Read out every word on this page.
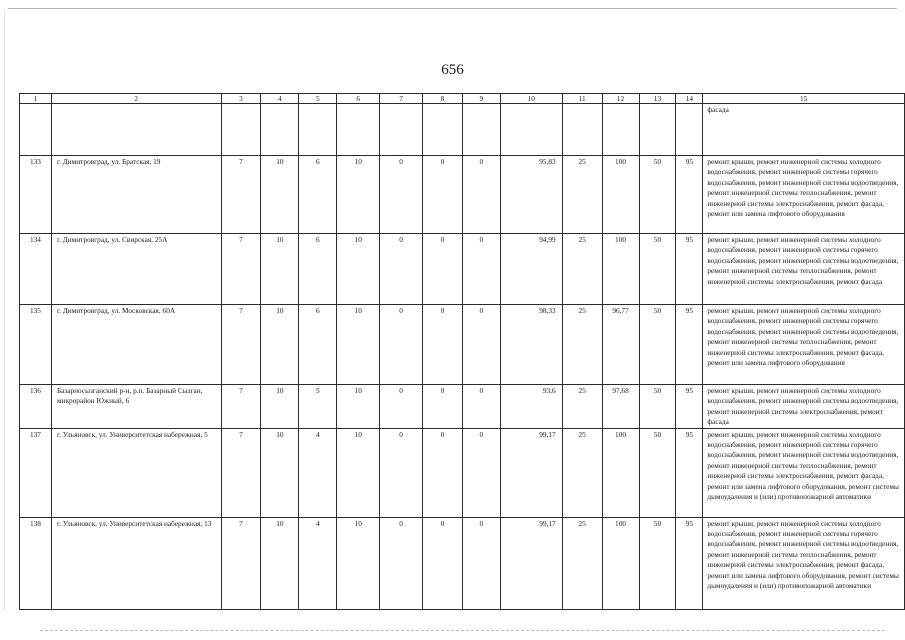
656
1	2	3	4	5	6	7	8	9	10	11	12	13	14	15
														фасада
133	г. Димитровград, ул. Братская, 19	7	10	6	10	0	0	0	95,83	25	100	50	95	ремонт крыши, ремонт инженерной системы холодного водоснабжения, ремонт инженерной системы горячего водоснабжения, ремонт инженерной системы водоотведения, ремонт инженерной системы теплоснабжения, ремонт инженерной системы электроснабжения, ремонт фасада, ремонт или замена лифтового оборудования
134	г. Димитровград, ул. Свирская, 25А	7	10	6	10	0	0	0	94,99	25	100	50	95	ремонт крыши, ремонт инженерной системы холодного водоснабжения, ремонт инженерной системы горячего водоснабжения, ремонт инженерной системы водоотведения, ремонт инженерной системы теплоснабжения, ремонт инженерной системы электроснабжения, ремонт фасада
135	г. Димитровград, ул. Московская, 60А	7	10	6	10	0	0	0	98,33	25	96,77	50	95	ремонт крыши, ремонт инженерной системы холодного водоснабжения, ремонт инженерной системы горячего водоснабжения, ремонт инженерной системы водоотведения, ремонт инженерной системы теплоснабжения, ремонт инженерной системы электроснабжения, ремонт фасада, ремонт или замена лифтового оборудования
136	Базарносызганский р-н, р.п. Базарный Сызган, микрорайон Южный, 6	7	10	5	10	0	0	0	93,6	25	97,68	50	95	ремонт крыши, ремонт инженерной системы холодного водоснабжения, ремонт инженерной системы водоотведения, ремонт инженерной системы электроснабжения, ремонт фасада
137	г. Ульяновск, ул. Университетская набережная, 5	7	10	4	10	0	0	0	99,17	25	100	50	95	ремонт крыши, ремонт инженерной системы холодного водоснабжения, ремонт инженерной системы горячего водоснабжения, ремонт инженерной системы водоотведения, ремонт инженерной системы теплоснабжения, ремонт инженерной системы электроснабжения, ремонт фасада, ремонт или замена лифтового оборудования, ремонт системы дымоудаления и (или) противопожарной автоматики
138	г. Ульяновск, ул. Университетская набережная, 13	7	10	4	10	0	0	0	99,17	25	100	50	95	ремонт крыши, ремонт инженерной системы холодного водоснабжения, ремонт инженерной системы горячего водоснабжения, ремонт инженерной системы водоотведения, ремонт инженерной системы теплоснабжения, ремонт инженерной системы электроснабжения, ремонт фасада, ремонт или замена лифтового оборудования, ремонт системы дымоудаления и (или) противопожарной автоматики
